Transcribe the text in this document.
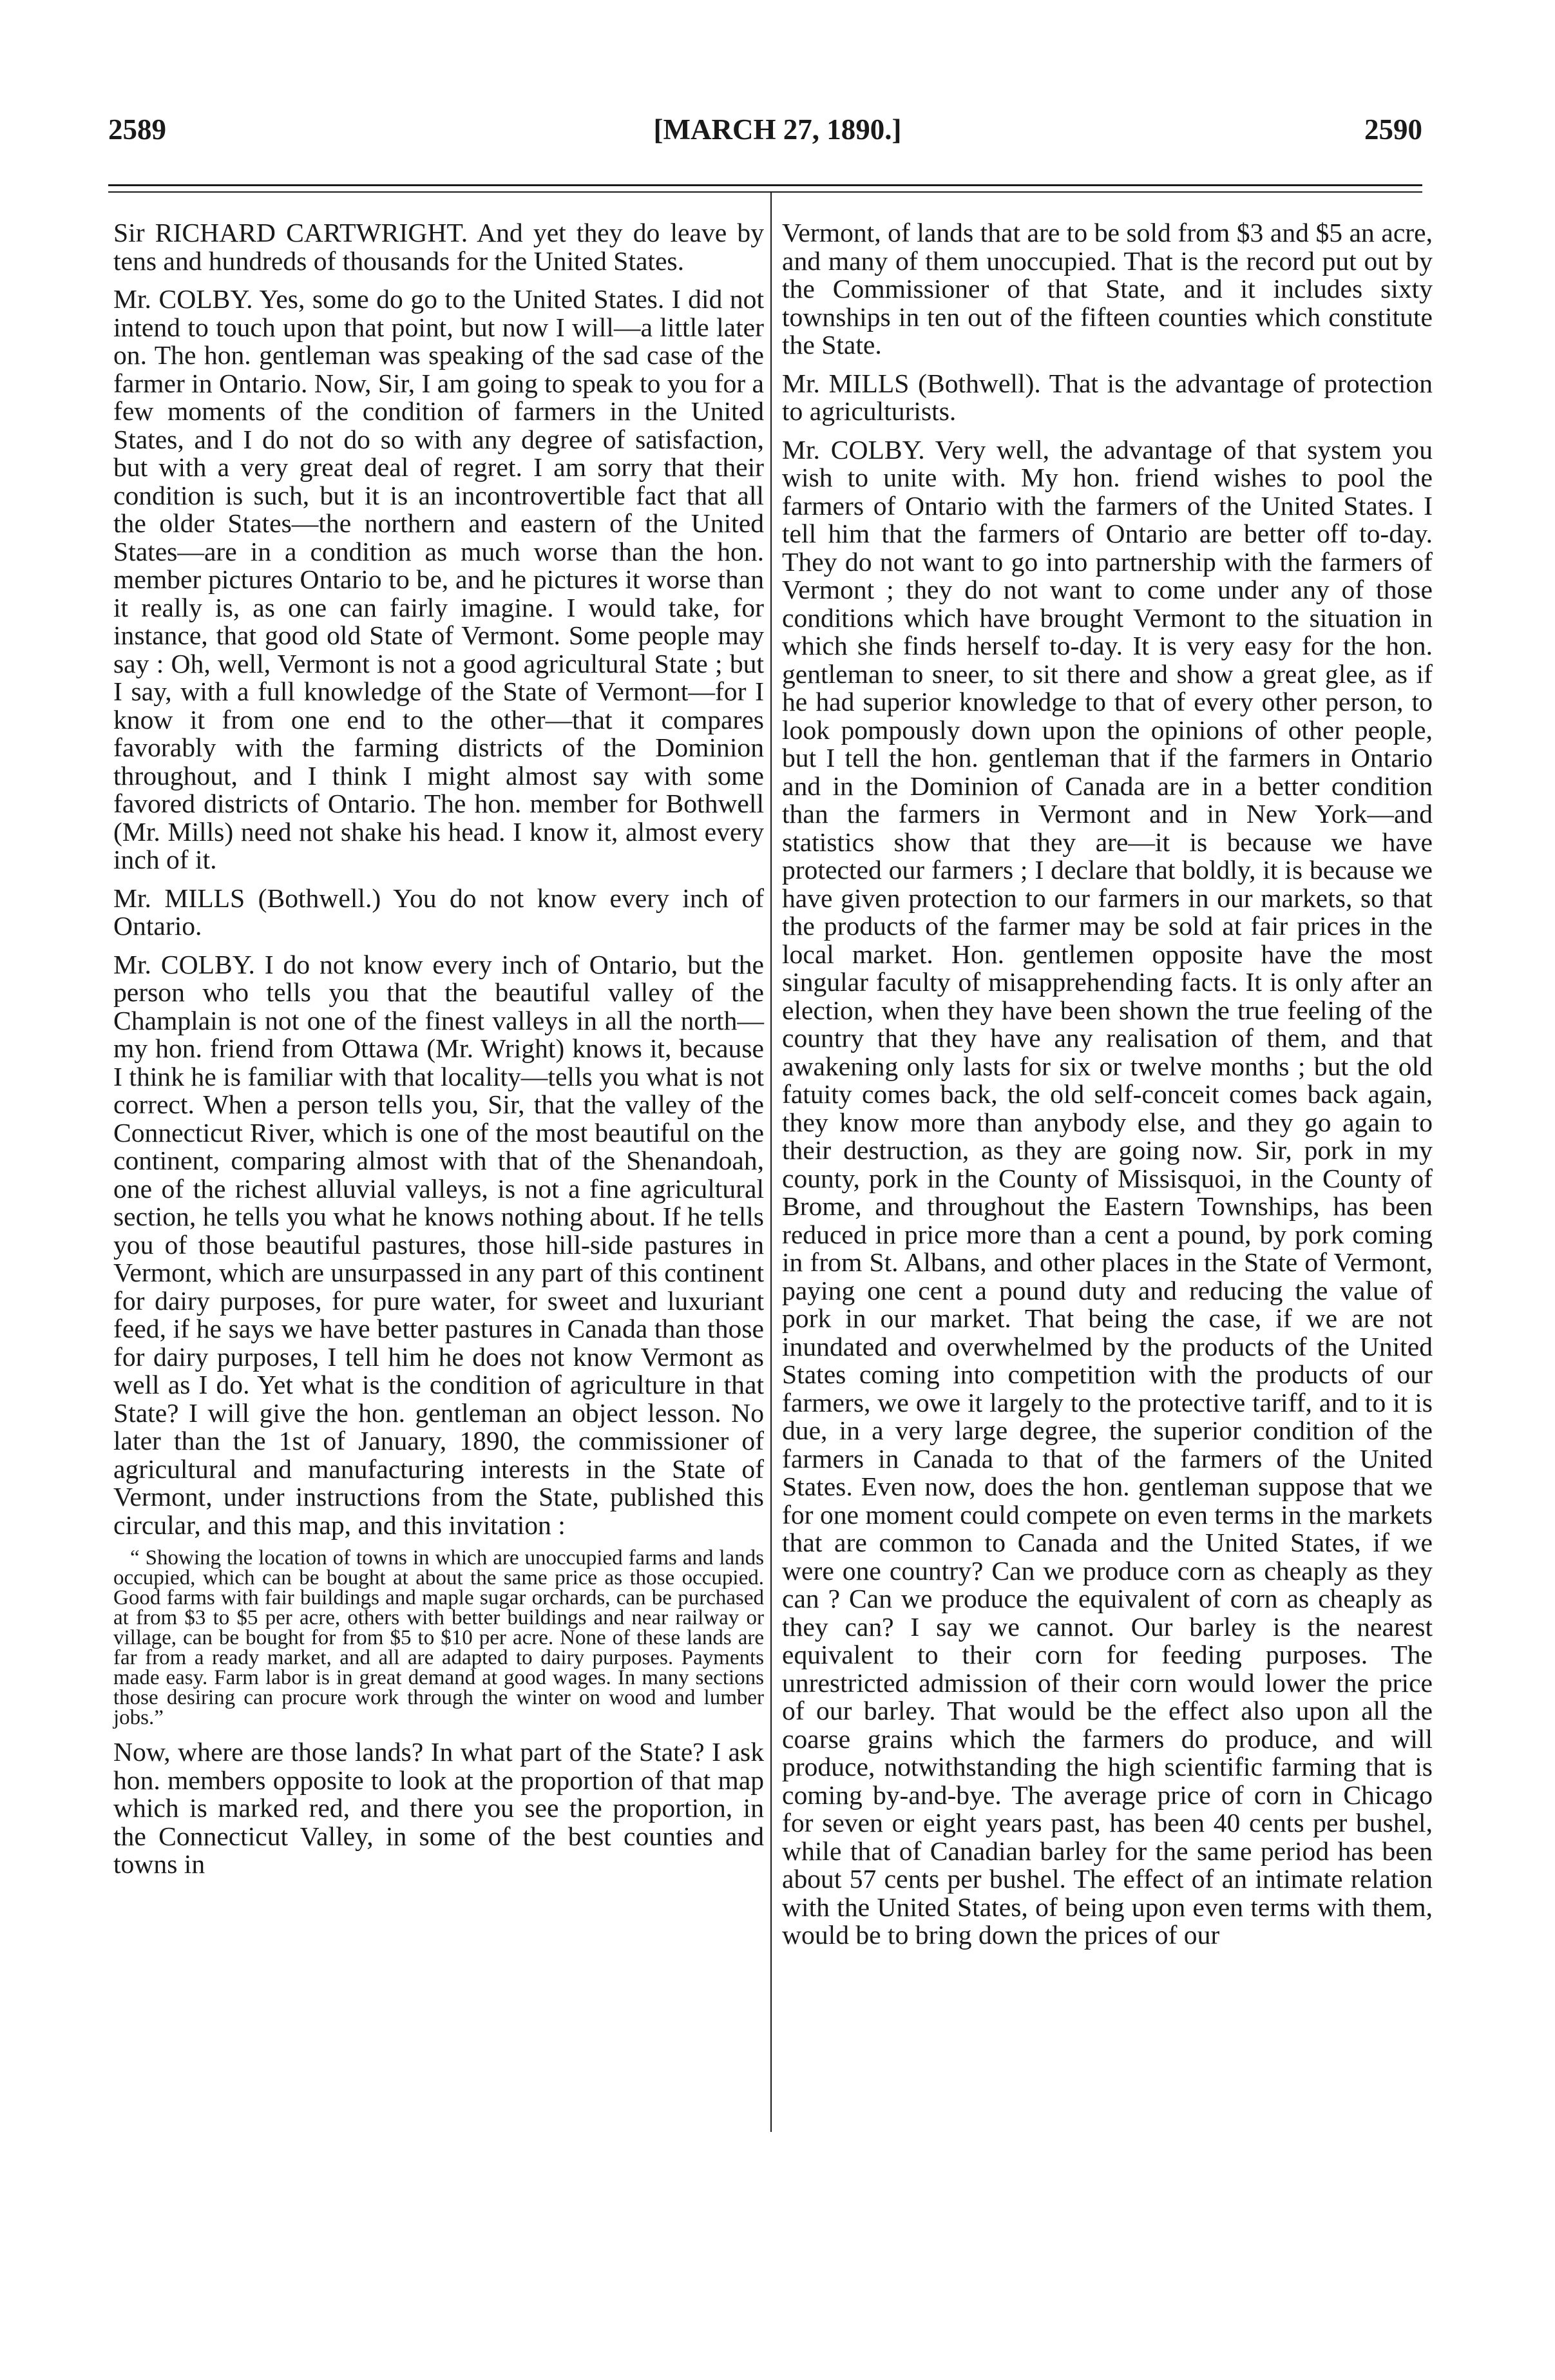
2589	[MARCH 27, 1890.]	2590

Sir RICHARD CARTWRIGHT. And yet they do leave by tens and hundreds of thousands for the United States.

Mr. COLBY. Yes, some do go to the United States. I did not intend to touch upon that point, but now I will—a little later on. The hon. gentleman was speaking of the sad case of the farmer in Ontario. Now, Sir, I am going to speak to you for a few moments of the condition of farmers in the United States, and I do not do so with any degree of satisfaction, but with a very great deal of regret. I am sorry that their condition is such, but it is an incontrovertible fact that all the older States—the northern and eastern of the United States—are in a condition as much worse than the hon. member pictures Ontario to be, and he pictures it worse than it really is, as one can fairly imagine. I would take, for instance, that good old State of Vermont. Some people may say : Oh, well, Vermont is not a good agricultural State ; but I say, with a full knowledge of the State of Vermont—for I know it from one end to the other—that it compares favorably with the farming districts of the Dominion throughout, and I think I might almost say with some favored districts of Ontario. The hon. member for Bothwell (Mr. Mills) need not shake his head. I know it, almost every inch of it.

Mr. MILLS (Bothwell.) You do not know every inch of Ontario.

Mr. COLBY. I do not know every inch of Ontario, but the person who tells you that the beautiful valley of the Champlain is not one of the finest valleys in all the north—my hon. friend from Ottawa (Mr. Wright) knows it, because I think he is familiar with that locality—tells you what is not correct. When a person tells you, Sir, that the valley of the Connecticut River, which is one of the most beautiful on the continent, comparing almost with that of the Shenandoah, one of the richest alluvial valleys, is not a fine agricultural section, he tells you what he knows nothing about. If he tells you of those beautiful pastures, those hill-side pastures in Vermont, which are unsurpassed in any part of this continent for dairy purposes, for pure water, for sweet and luxuriant feed, if he says we have better pastures in Canada than those for dairy purposes, I tell him he does not know Vermont as well as I do. Yet what is the condition of agriculture in that State? I will give the hon. gentleman an object lesson. No later than the 1st of January, 1890, the commissioner of agricultural and manufacturing interests in the State of Vermont, under instructions from the State, published this circular, and this map, and this invitation :

“ Showing the location of towns in which are unoccupied farms and lands occupied, which can be bought at about the same price as those occupied. Good farms with fair buildings and maple sugar orchards, can be purchased at from $3 to $5 per acre, others with better buildings and near railway or village, can be bought for from $5 to $10 per acre. None of these lands are far from a ready market, and all are adapted to dairy purposes. Payments made easy. Farm labor is in great demand at good wages. In many sections those desiring can procure work through the winter on wood and lumber jobs.”

Now, where are those lands? In what part of the State? I ask hon. members opposite to look at the proportion of that map which is marked red, and there you see the proportion, in the Connecticut Valley, in some of the best counties and towns in

Vermont, of lands that are to be sold from $3 and $5 an acre, and many of them unoccupied. That is the record put out by the Commissioner of that State, and it includes sixty townships in ten out of the fifteen counties which constitute the State.

Mr. MILLS (Bothwell). That is the advantage of protection to agriculturists.

Mr. COLBY. Very well, the advantage of that system you wish to unite with. My hon. friend wishes to pool the farmers of Ontario with the farmers of the United States. I tell him that the farmers of Ontario are better off to-day. They do not want to go into partnership with the farmers of Vermont ; they do not want to come under any of those conditions which have brought Vermont to the situation in which she finds herself to-day. It is very easy for the hon. gentleman to sneer, to sit there and show a great glee, as if he had superior knowledge to that of every other person, to look pompously down upon the opinions of other people, but I tell the hon. gentleman that if the farmers in Ontario and in the Dominion of Canada are in a better condition than the farmers in Vermont and in New York—and statistics show that they are—it is because we have protected our farmers ; I declare that boldly, it is because we have given protection to our farmers in our markets, so that the products of the farmer may be sold at fair prices in the local market. Hon. gentlemen opposite have the most singular faculty of misapprehending facts. It is only after an election, when they have been shown the true feeling of the country that they have any realisation of them, and that awakening only lasts for six or twelve months ; but the old fatuity comes back, the old self-conceit comes back again, they know more than anybody else, and they go again to their destruction, as they are going now. Sir, pork in my county, pork in the County of Missisquoi, in the County of Brome, and throughout the Eastern Townships, has been reduced in price more than a cent a pound, by pork coming in from St. Albans, and other places in the State of Vermont, paying one cent a pound duty and reducing the value of pork in our market. That being the case, if we are not inundated and overwhelmed by the products of the United States coming into competition with the products of our farmers, we owe it largely to the protective tariff, and to it is due, in a very large degree, the superior condition of the farmers in Canada to that of the farmers of the United States. Even now, does the hon. gentleman suppose that we for one moment could compete on even terms in the markets that are common to Canada and the United States, if we were one country? Can we produce corn as cheaply as they can ? Can we produce the equivalent of corn as cheaply as they can? I say we cannot. Our barley is the nearest equivalent to their corn for feeding purposes. The unrestricted admission of their corn would lower the price of our barley. That would be the effect also upon all the coarse grains which the farmers do produce, and will produce, notwithstanding the high scientific farming that is coming by-and-bye. The average price of corn in Chicago for seven or eight years past, has been 40 cents per bushel, while that of Canadian barley for the same period has been about 57 cents per bushel. The effect of an intimate relation with the United States, of being upon even terms with them, would be to bring down the prices of our
